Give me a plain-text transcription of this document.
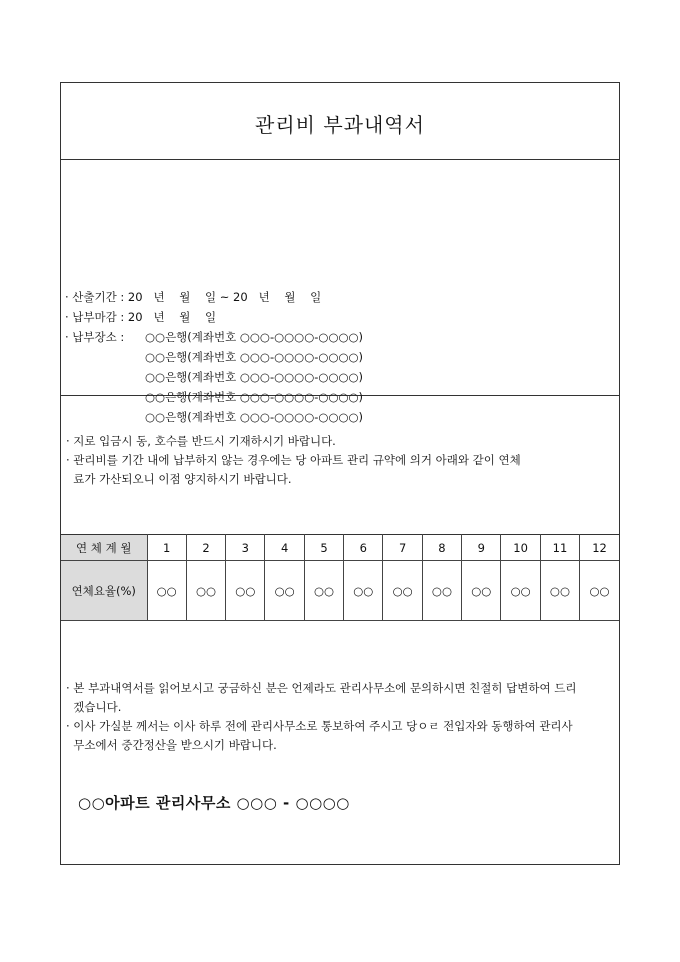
관리비 부과내역서
· 산출기간 : 20   년    월    일 ~ 20   년    월    일
· 납부마감 : 20   년    월    일
· 납부장소 : ○○은행(계좌번호 ○○○-○○○○-○○○○)
○○은행(계좌번호 ○○○-○○○○-○○○○)
○○은행(계좌번호 ○○○-○○○○-○○○○)
○○은행(계좌번호 ○○○-○○○○-○○○○)
○○은행(계좌번호 ○○○-○○○○-○○○○)
· 지로 입금시 동, 호수를 반드시 기재하시기 바랍니다.
· 관리비를 기간 내에 납부하지 않는 경우에는 당 아파트 관리 규약에 의거 아래와 같이 연체
료가 가산되오니 이점 양지하시기 바랍니다.
연 체 계 월	1	2	3	4	5	6	7	8	9	10	11	12
연체요율(%)	○○	○○	○○	○○	○○	○○	○○	○○	○○	○○	○○	○○
· 본 부과내역서를 읽어보시고 궁금하신 분은 언제라도 관리사무소에 문의하시면 친절히 답변하여 드리
겠습니다.
· 이사 가실분 께서는 이사 하루 전에 관리사무소로 통보하여 주시고 당ㅇㄹ 전입자와 동행하여 관리사
무소에서 중간정산을 받으시기 바랍니다.
○○아파트 관리사무소 ○○○ - ○○○○
